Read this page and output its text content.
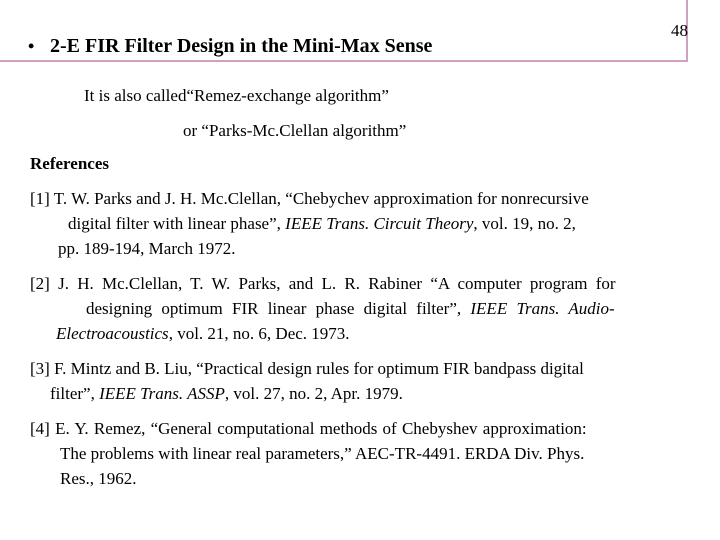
• 2-E FIR Filter Design in the Mini-Max Sense
48
It is also called“Remez-exchange algorithm”
or “Parks-Mc.Clellan algorithm”
References
[1] T. W. Parks and J. H. Mc.Clellan, “Chebychev approximation for nonrecursive
digital filter with linear phase”, IEEE Trans. Circuit Theory, vol. 19, no. 2,
pp. 189-194, March 1972.
[2] J. H. Mc.Clellan, T. W. Parks, and L. R. Rabiner “A computer program for
designing optimum FIR linear phase digital filter”, IEEE Trans. Audio-
Electroacoustics, vol. 21, no. 6, Dec. 1973.
[3] F. Mintz and B. Liu, “Practical design rules for optimum FIR bandpass digital
filter”, IEEE Trans. ASSP, vol. 27, no. 2, Apr. 1979.
[4] E. Y. Remez, “General computational methods of Chebyshev approximation:
The problems with linear real parameters,” AEC-TR-4491. ERDA Div. Phys.
Res., 1962.
